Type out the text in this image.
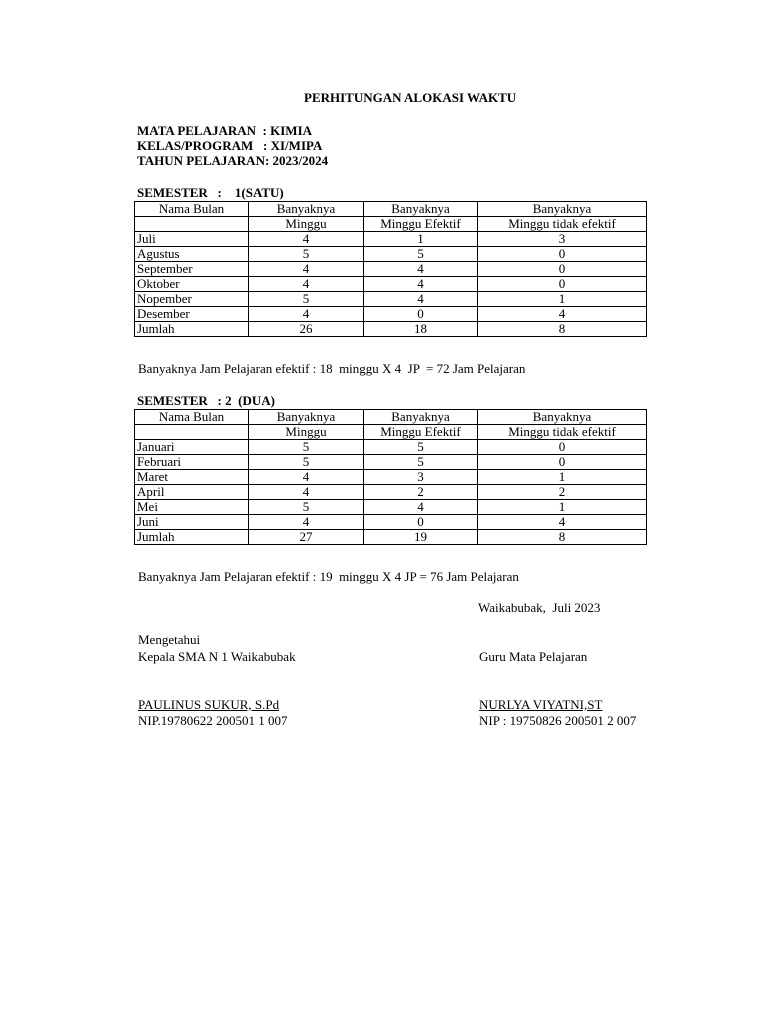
PERHITUNGAN ALOKASI WAKTU
MATA PELAJARAN  : KIMIA
KELAS/PROGRAM   : XI/MIPA
TAHUN PELAJARAN: 2023/2024
SEMESTER   :    1(SATU)
Nama Bulan	Banyaknya	Banyaknya	Banyaknya
	Minggu	Minggu Efektif	Minggu tidak efektif
Juli	4	1	3
Agustus	5	5	0
September	4	4	0
Oktober	4	4	0
Nopember	5	4	1
Desember	4	0	4
Jumlah	26	18	8
Banyaknya Jam Pelajaran efektif : 18  minggu X 4  JP  = 72 Jam Pelajaran
SEMESTER   : 2  (DUA)
Nama Bulan	Banyaknya	Banyaknya	Banyaknya
	Minggu	Minggu Efektif	Minggu tidak efektif
Januari	5	5	0
Februari	5	5	0
Maret	4	3	1
April	4	2	2
Mei	5	4	1
Juni	4	0	4
Jumlah	27	19	8
Banyaknya Jam Pelajaran efektif : 19  minggu X 4 JP = 76 Jam Pelajaran
Waikabubak,  Juli 2023
Mengetahui
Kepala SMA N 1 Waikabubak	Guru Mata Pelajaran
PAULINUS SUKUR, S.Pd
NIP.19780622 200501 1 007
NURLYA VIYATNI,ST
NIP : 19750826 200501 2 007
